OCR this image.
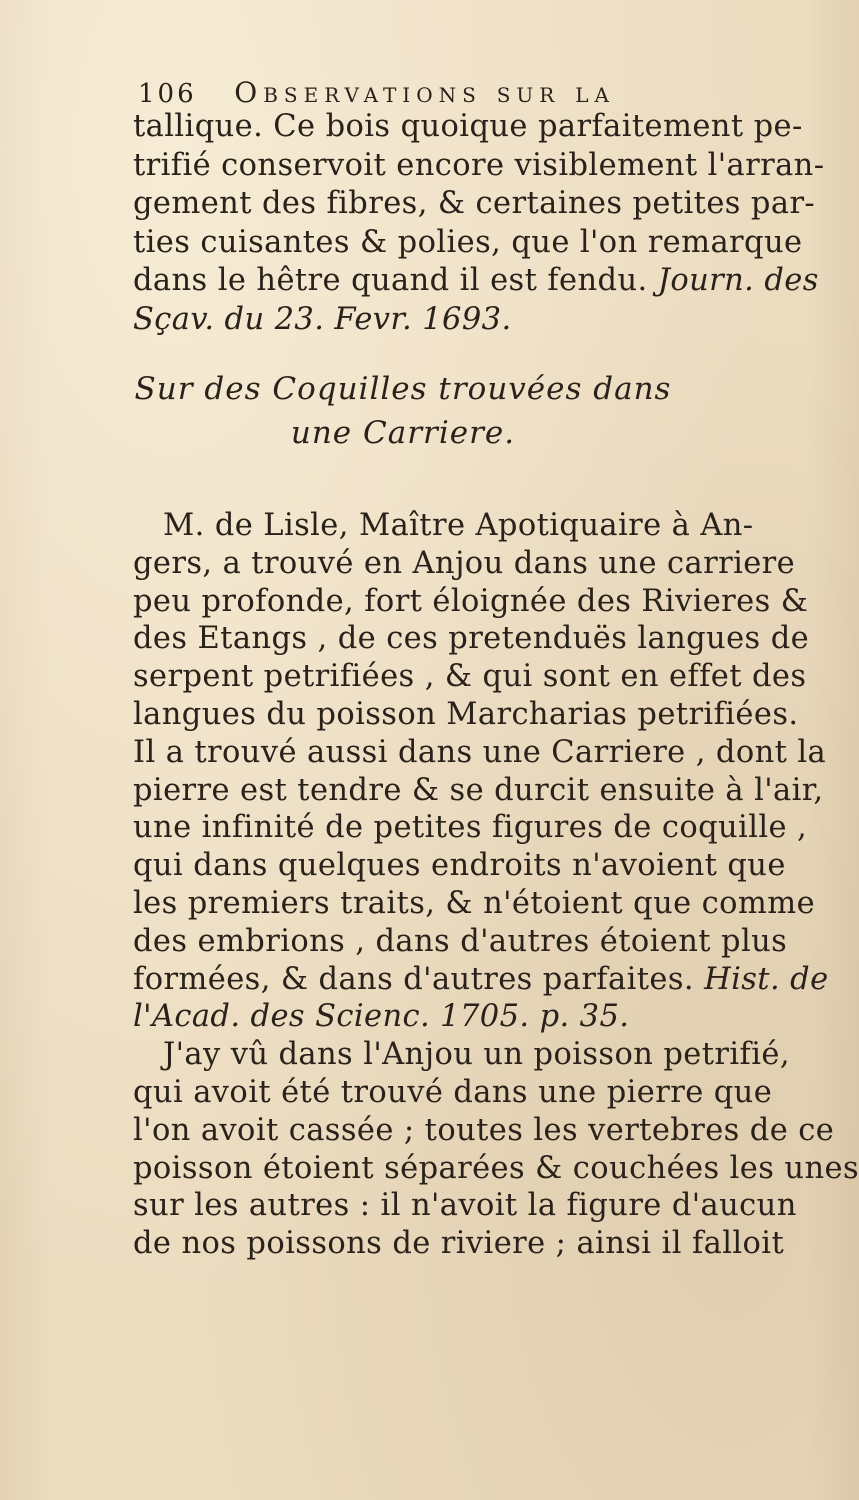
106 Observations sur la
tallique. Ce bois quoique parfaitement pe-
trifié conservoit encore visiblement l'arran-
gement des fibres, & certaines petites par-
ties cuisantes & polies, que l'on remarque
dans le hêtre quand il est fendu. Journ. des
Sçav. du 23. Fevr. 1693.
Sur des Coquilles trouvées dans
une Carriere.
M. de Lisle, Maître Apotiquaire à An-
gers, a trouvé en Anjou dans une carriere
peu profonde, fort éloignée des Rivieres &
des Etangs , de ces pretenduës langues de
serpent petrifiées , & qui sont en effet des
langues du poisson Marcharias petrifiées.
Il a trouvé aussi dans une Carriere , dont la
pierre est tendre & se durcit ensuite à l'air,
une infinité de petites figures de coquille ,
qui dans quelques endroits n'avoient que
les premiers traits, & n'étoient que comme
des embrions , dans d'autres étoient plus
formées, & dans d'autres parfaites. Hist. de
l'Acad. des Scienc. 1705. p. 35.
J'ay vû dans l'Anjou un poisson petrifié,
qui avoit été trouvé dans une pierre que
l'on avoit cassée ; toutes les vertebres de ce
poisson étoient séparées & couchées les unes
sur les autres : il n'avoit la figure d'aucun
de nos poissons de riviere ; ainsi il falloit
